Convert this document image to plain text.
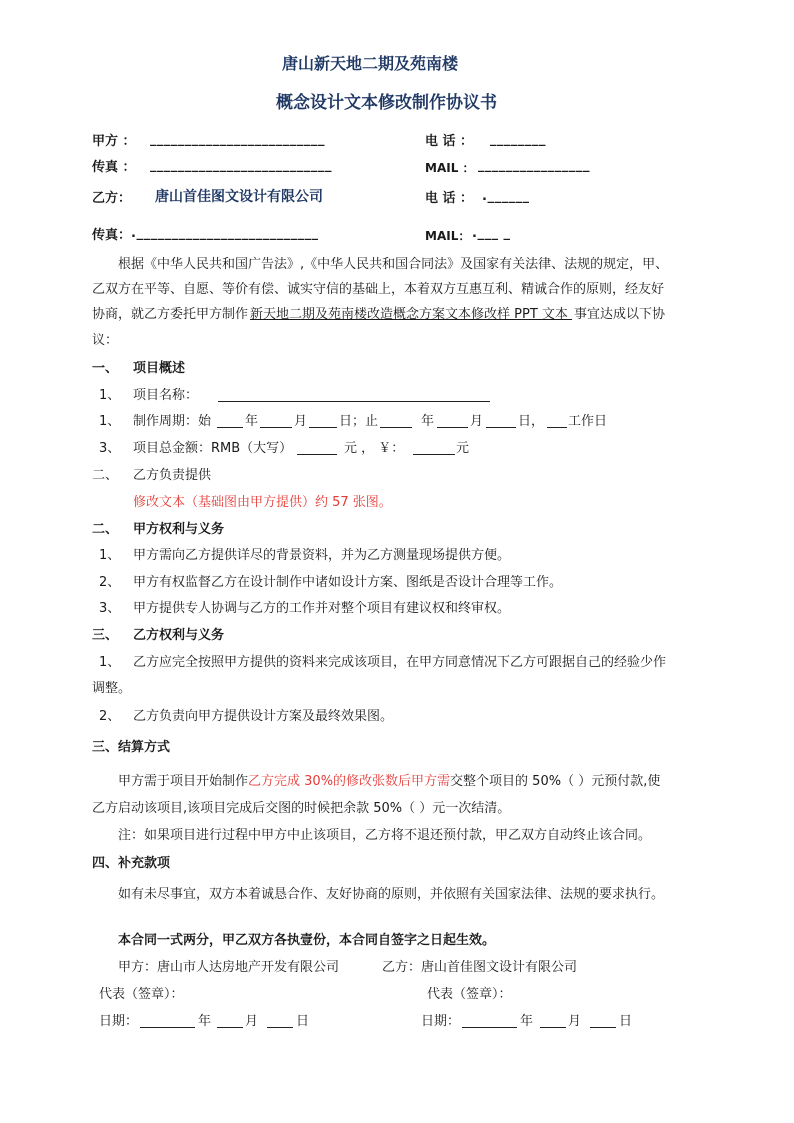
唐山新天地二期及苑南楼
概念设计文本修改制作协议书
甲方 ： _________________________	电 话 ： ________
传真 ： __________________________	MAIL ： ________________
乙方： 唐山首佳图文设计有限公司	电 话 ： .______
传真： .__________________________	MAIL： .___ _
根据《中华人民共和国广告法》,《中华人民共和国合同法》及国家有关法律、法规的规定，甲、
乙双方在平等、自愿、等价有偿、诚实守信的基础上，本着双方互惠互利、精诚合作的原则，经友好
协商，就乙方委托甲方制作 新天地二期及苑南楼改造概念方案文本修改样 PPT 文本 事宜达成以下协
议：
一、 项目概述
1、 项目名称：
1、 制作周期：始	年	月 日；止	年	月	日， 工作日
3、 项目总金额：RMB（大写）	元 ， ￥：	元
二、 乙方负责提供
修改文本（基础图由甲方提供）约 57 张图。
二、 甲方权利与义务
1、 甲方需向乙方提供详尽的背景资料，并为乙方测量现场提供方便。
2、 甲方有权监督乙方在设计制作中诸如设计方案、图纸是否设计合理等工作。
3、 甲方提供专人协调与乙方的工作并对整个项目有建议权和终审权。
三、 乙方权利与义务
1、 乙方应完全按照甲方提供的资料来完成该项目，在甲方同意情况下乙方可跟据自己的经验少作
调整。
2、 乙方负责向甲方提供设计方案及最终效果图。
三、结算方式
甲方需于项目开始制作乙方完成 30%的修改张数后甲方需交整个项目的 50%（ ）元预付款,使
乙方启动该项目,该项目完成后交图的时候把余款 50%（ ）元一次结清。
注：如果项目进行过程中甲方中止该项目，乙方将不退还预付款，甲乙双方自动终止该合同。
四、补充款项
如有未尽事宜，双方本着诚恳合作、友好协商的原则，并依照有关国家法律、法规的要求执行。
本合同一式两分，甲乙双方各执壹份，本合同自签字之日起生效。
甲方：唐山市人达房地产开发有限公司	乙方：唐山首佳图文设计有限公司
代表（签章）：	代表（签章）：
日期：	年	月	日	日期：	年	月	日
